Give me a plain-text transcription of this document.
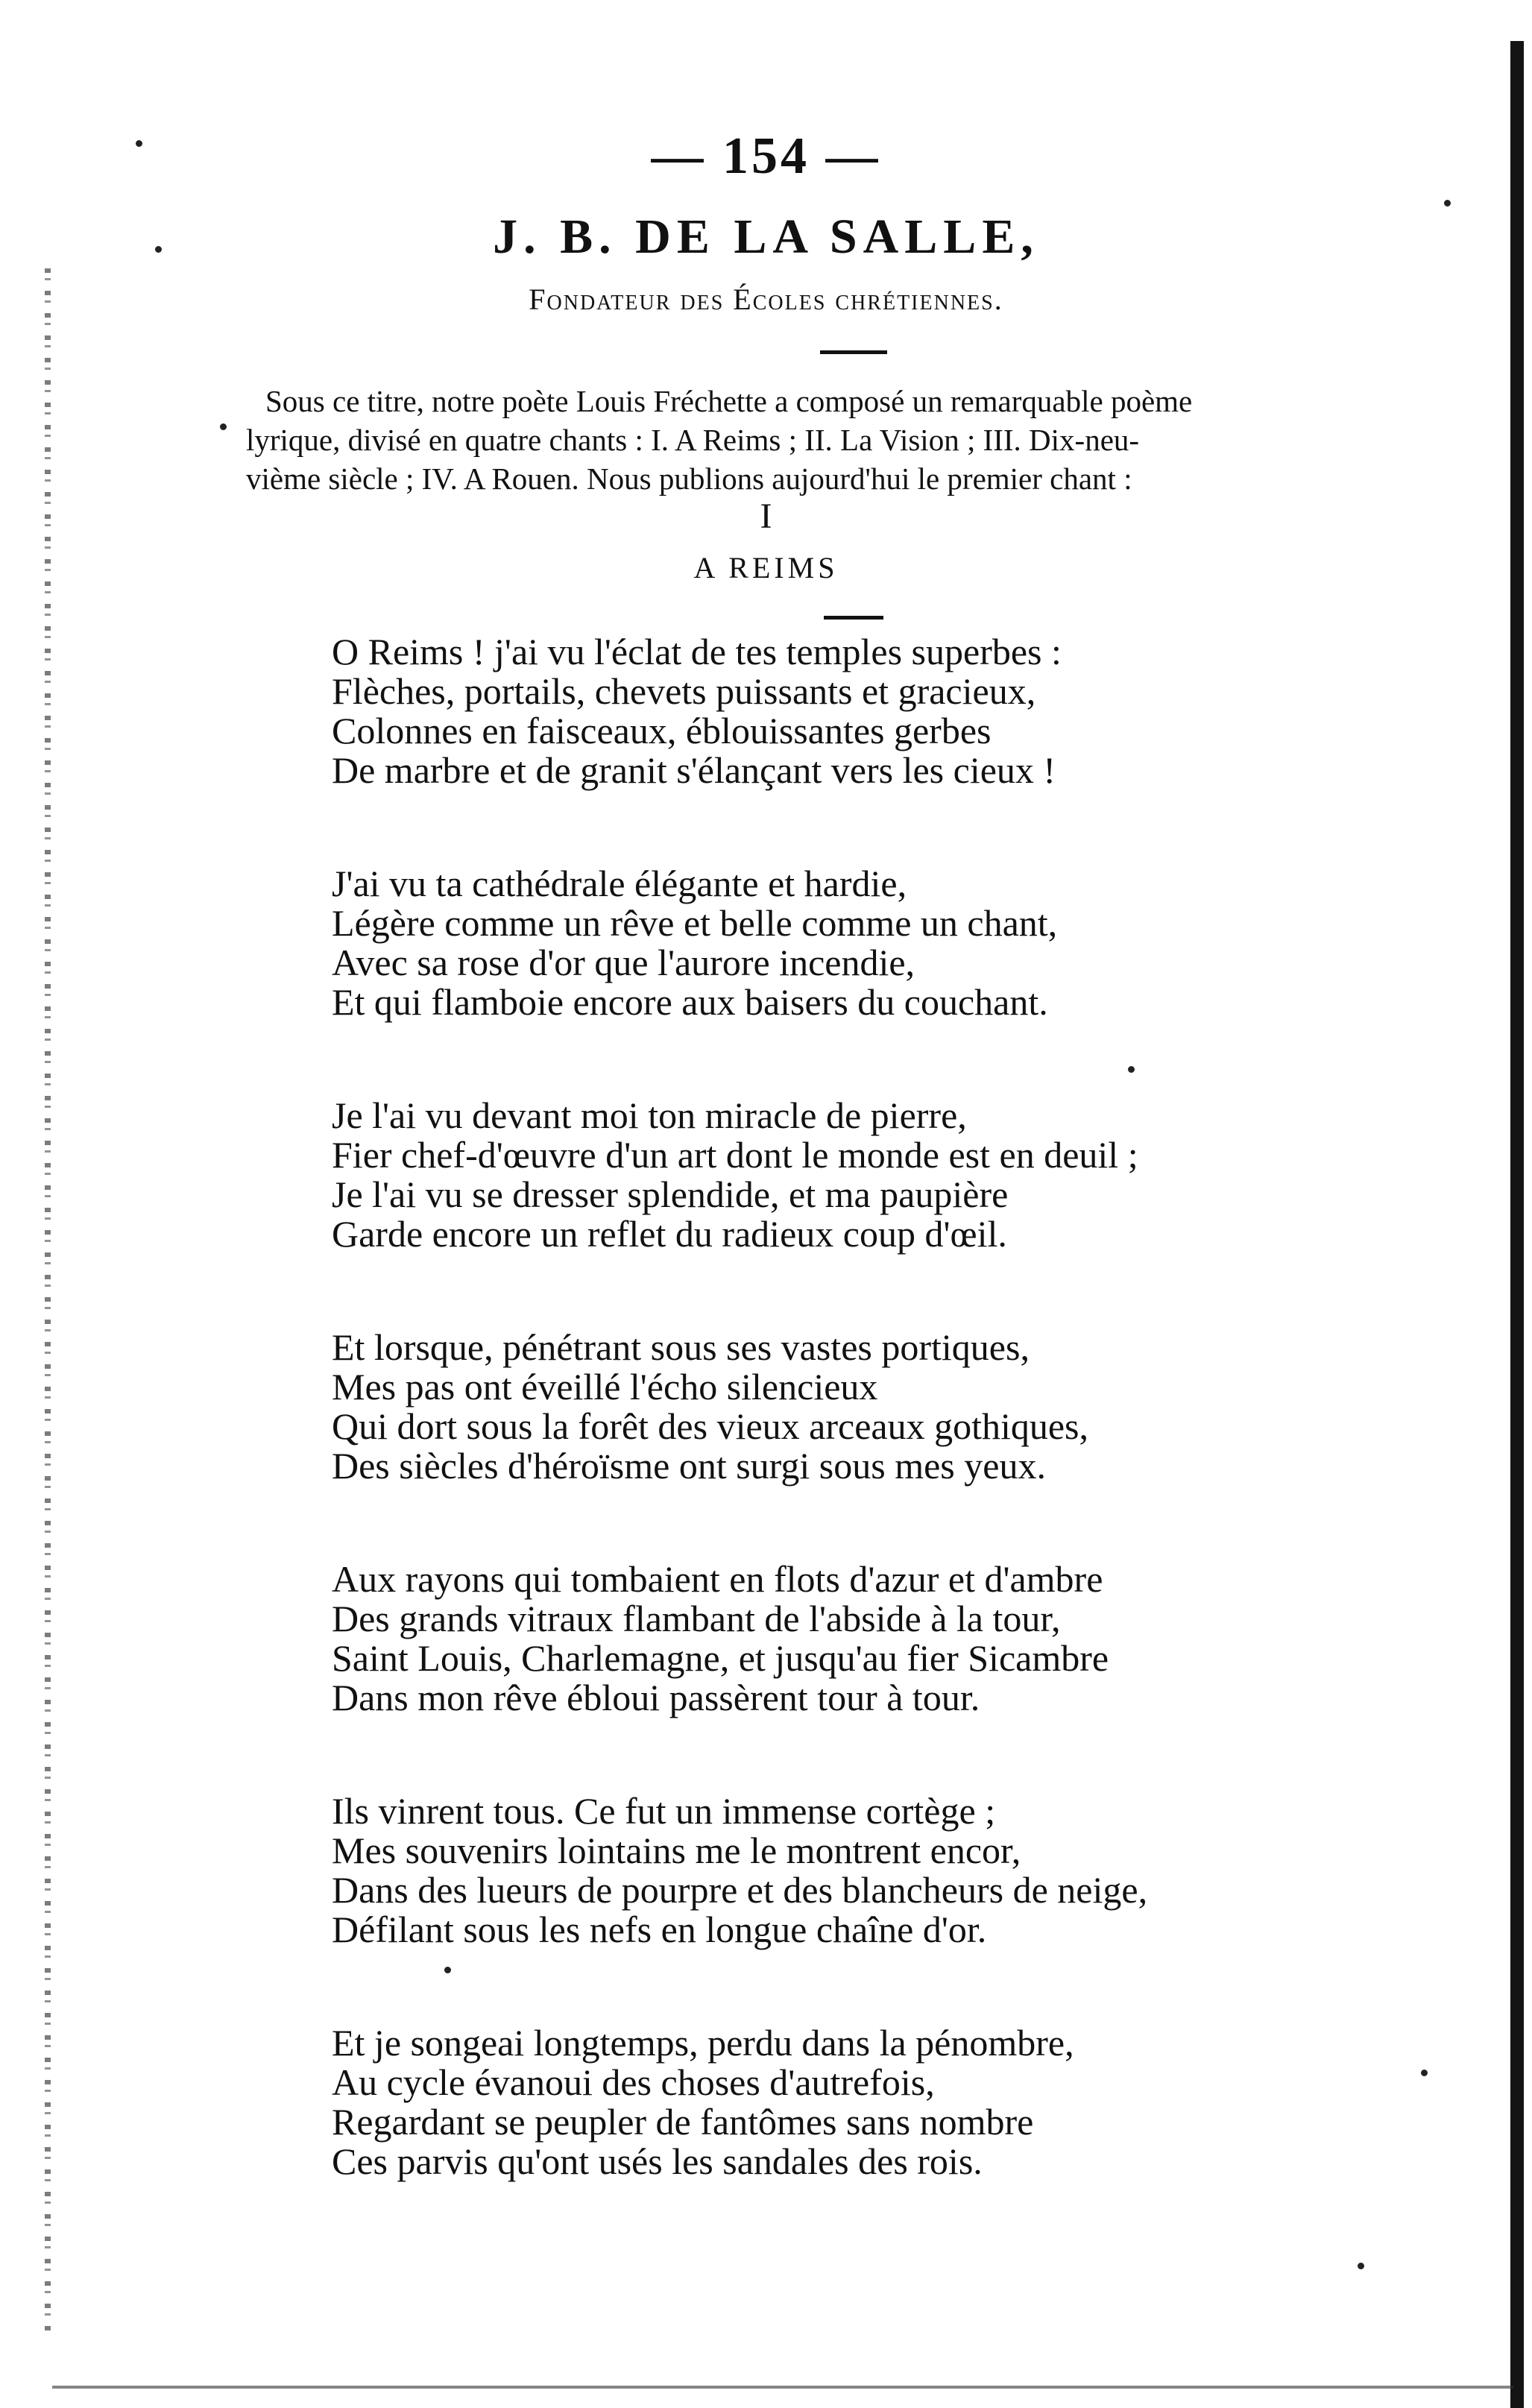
— 154 —
J. B. DE LA SALLE,
Fondateur des Écoles chrétiennes.
Sous ce titre, notre poète Louis Fréchette a composé un remarquable poème
lyrique, divisé en quatre chants : I. A Reims ; II. La Vision ; III. Dix-neu-
vième siècle ; IV. A Rouen. Nous publions aujourd'hui le premier chant :
I
A REIMS
O Reims ! j'ai vu l'éclat de tes temples superbes :
Flèches, portails, chevets puissants et gracieux,
Colonnes en faisceaux, éblouissantes gerbes
De marbre et de granit s'élançant vers les cieux !
J'ai vu ta cathédrale élégante et hardie,
Légère comme un rêve et belle comme un chant,
Avec sa rose d'or que l'aurore incendie,
Et qui flamboie encore aux baisers du couchant.
Je l'ai vu devant moi ton miracle de pierre,
Fier chef-d'œuvre d'un art dont le monde est en deuil ;
Je l'ai vu se dresser splendide, et ma paupière
Garde encore un reflet du radieux coup d'œil.
Et lorsque, pénétrant sous ses vastes portiques,
Mes pas ont éveillé l'écho silencieux
Qui dort sous la forêt des vieux arceaux gothiques,
Des siècles d'héroïsme ont surgi sous mes yeux.
Aux rayons qui tombaient en flots d'azur et d'ambre
Des grands vitraux flambant de l'abside à la tour,
Saint Louis, Charlemagne, et jusqu'au fier Sicambre
Dans mon rêve ébloui passèrent tour à tour.
Ils vinrent tous. Ce fut un immense cortège ;
Mes souvenirs lointains me le montrent encor,
Dans des lueurs de pourpre et des blancheurs de neige,
Défilant sous les nefs en longue chaîne d'or.
Et je songeai longtemps, perdu dans la pénombre,
Au cycle évanoui des choses d'autrefois,
Regardant se peupler de fantômes sans nombre
Ces parvis qu'ont usés les sandales des rois.
